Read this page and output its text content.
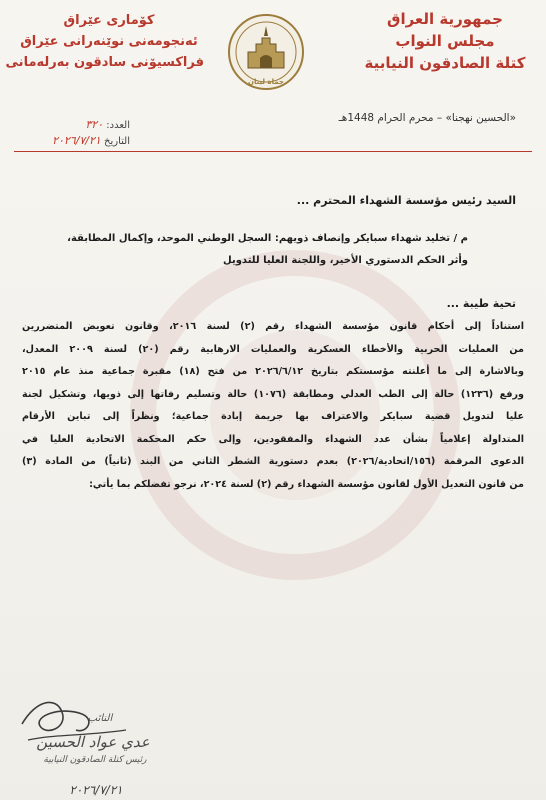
جمهورية العراق
مجلس النواب
كتلة الصادقون النيابية
حماة لبنان
كۆماری عێراق
ئەنجومەنی نوێنەرانی عێراق
فراكسیۆنی سادقون بەرلەمانی
«الحسين نهجنا» – محرم الحرام 1448هـ
العدد: ٣٢٠
التاريخ ٢٠٢٦/٧/٢١
السيد رئيس مؤسسة الشهداء المحترم ...
م / تخليد شهداء سبايكر وإنصاف ذويهم: السجل الوطني الموحد، وإكمال المطابقة،
وأثر الحكم الدستوري الأخير، واللجنة العليا للتدويل
تحية طيبة ...
استناداً إلى أحكام قانون مؤسسة الشهداء رقم (٢) لسنة ٢٠١٦، وقانون تعويض المتضررين
من العمليات الحربية والأخطاء العسكرية والعمليات الارهابية رقم (٢٠) لسنة ٢٠٠٩ المعدل،
وبالاشارة إلى ما أعلنته مؤسستكم بتاريخ ٢٠٢٦/٦/١٢ من فتح (١٨) مقبرة جماعية منذ عام ٢٠١٥
ورفع (١٢٣٦) حالة إلى الطب العدلي ومطابقة (١٠٧٦) حالة وتسليم رفاتها إلى ذويها، وتشكيل لجنة
عليا لتدويل قضية سبايكر والاعتراف بها جريمة إبادة جماعية؛ ونظراً إلى تباين الأرقام
المتداولة إعلامياً بشأن عدد الشهداء والمفقودين، وإلى حكم المحكمة الاتحادية العليا في
الدعوى المرقمة (١٥٦/اتحادية/٢٠٢٦) بعدم دستورية الشطر الثاني من البند (ثانياً) من المادة (٣)
من قانون التعديل الأول لقانون مؤسسة الشهداء رقم (٢) لسنة ٢٠٢٤، نرجو تفضلكم بما يأتي:
النائب
عدي عواد الحسين
رئيس كتلة الصادقون النيابية
٢٠٢٦/٧/٢١
